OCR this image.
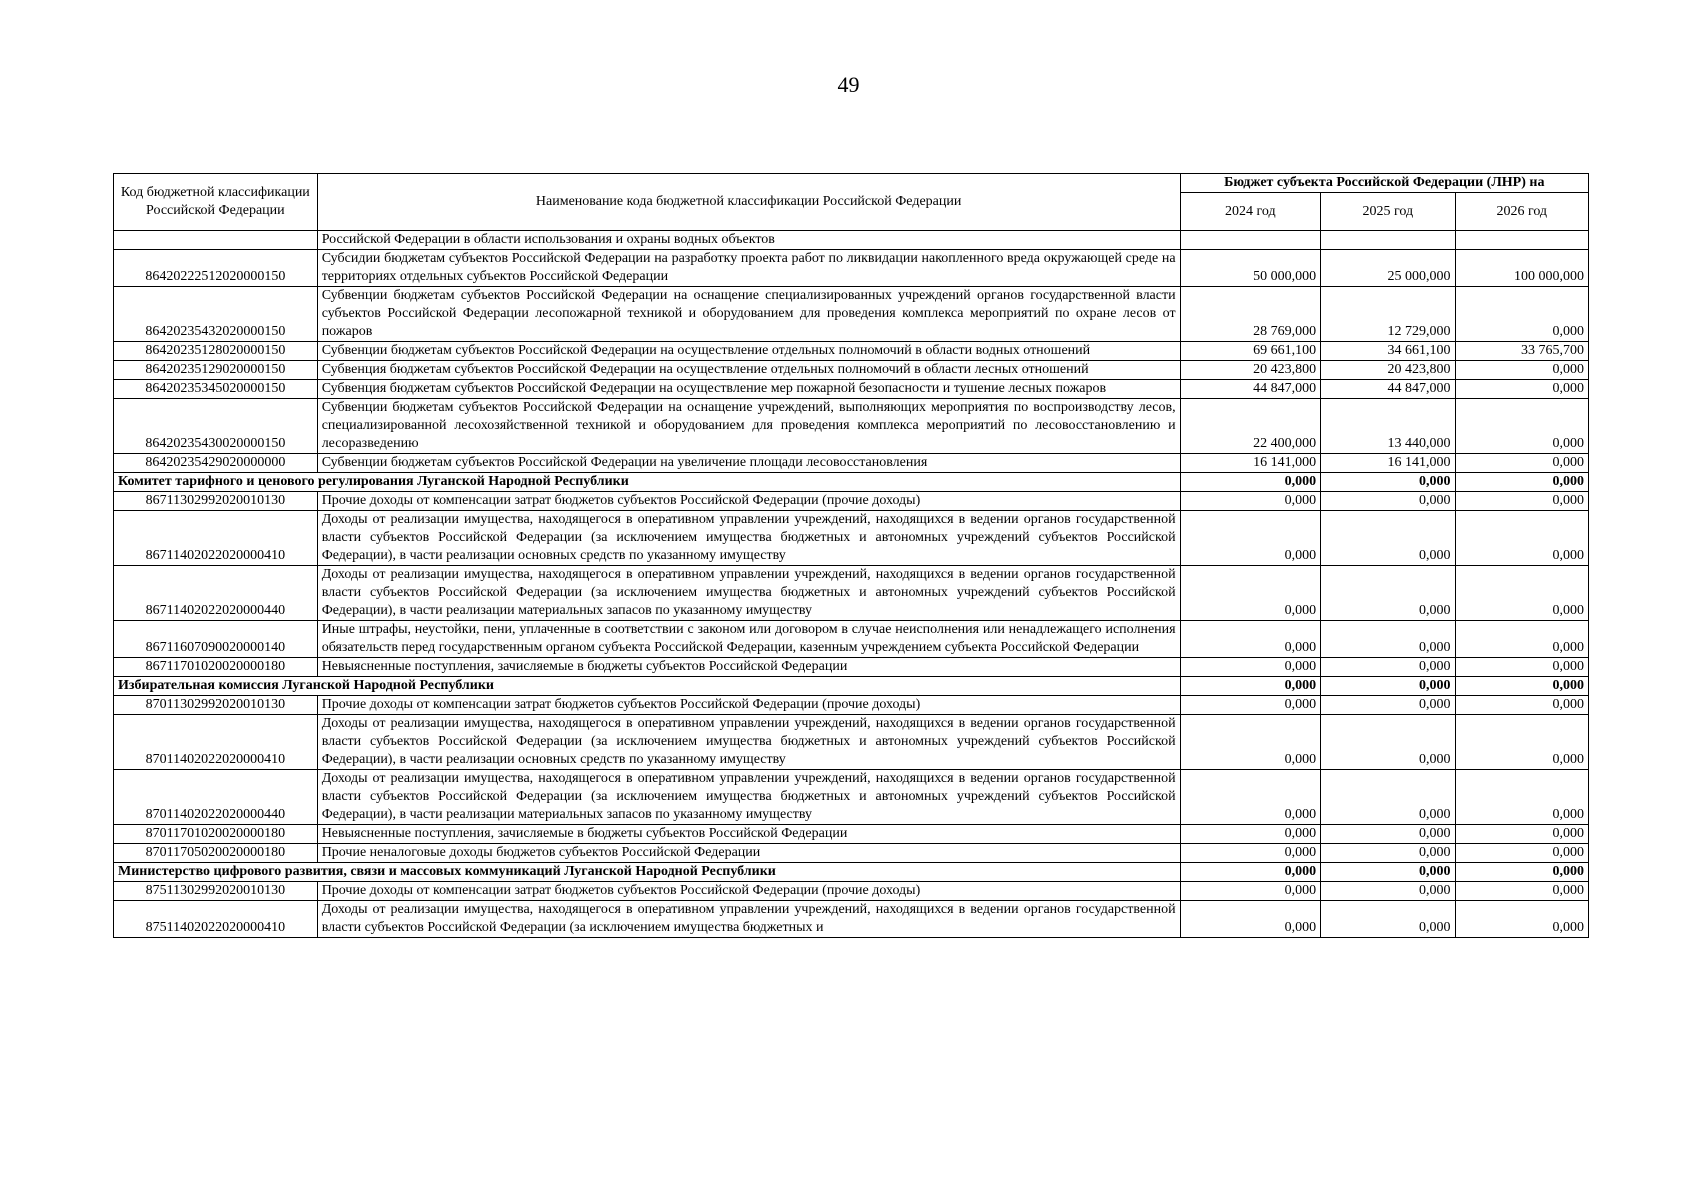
49
Код бюджетной классификации Российской Федерации	Наименование кода бюджетной классификации Российской Федерации	Бюджет субъекта Российской Федерации (ЛНР) на		
		2024 год	2025 год	2026 год
	Российской Федерации в области использования и охраны водных объектов			
86420222512020000150	Субсидии бюджетам субъектов Российской Федерации на разработку проекта работ по ликвидации накопленного вреда окружающей среде на территориях отдельных субъектов Российской Федерации	50 000,000	25 000,000	100 000,000
86420235432020000150	Субвенции бюджетам субъектов Российской Федерации на оснащение специализированных учреждений органов государственной власти субъектов Российской Федерации лесопожарной техникой и оборудованием для проведения комплекса мероприятий по охране лесов от пожаров	28 769,000	12 729,000	0,000
86420235128020000150	Субвенции бюджетам субъектов Российской Федерации на осуществление отдельных полномочий в области водных отношений	69 661,100	34 661,100	33 765,700
86420235129020000150	Субвенция бюджетам субъектов Российской Федерации на осуществление отдельных полномочий в области лесных отношений	20 423,800	20 423,800	0,000
86420235345020000150	Субвенция бюджетам субъектов Российской Федерации на осуществление мер пожарной безопасности и тушение лесных пожаров	44 847,000	44 847,000	0,000
86420235430020000150	Субвенции бюджетам субъектов Российской Федерации на оснащение учреждений, выполняющих мероприятия по воспроизводству лесов, специализированной лесохозяйственной техникой и оборудованием для проведения комплекса мероприятий по лесовосстановлению и лесоразведению	22 400,000	13 440,000	0,000
86420235429020000000	Субвенции бюджетам субъектов Российской Федерации на увеличение площади лесовосстановления	16 141,000	16 141,000	0,000
Комитет тарифного и ценового регулирования Луганской Народной Республики		0,000	0,000	0,000
86711302992020010130	Прочие доходы от компенсации затрат бюджетов субъектов Российской Федерации (прочие доходы)	0,000	0,000	0,000
86711402022020000410	Доходы от реализации имущества, находящегося в оперативном управлении учреждений, находящихся в ведении органов государственной власти субъектов Российской Федерации (за исключением имущества бюджетных и автономных учреждений субъектов Российской Федерации), в части реализации основных средств по указанному имуществу	0,000	0,000	0,000
86711402022020000440	Доходы от реализации имущества, находящегося в оперативном управлении учреждений, находящихся в ведении органов государственной власти субъектов Российской Федерации (за исключением имущества бюджетных и автономных учреждений субъектов Российской Федерации), в части реализации материальных запасов по указанному имуществу	0,000	0,000	0,000
86711607090020000140	Иные штрафы, неустойки, пени, уплаченные в соответствии с законом или договором в случае неисполнения или ненадлежащего исполнения обязательств перед государственным органом субъекта Российской Федерации, казенным учреждением субъекта Российской Федерации	0,000	0,000	0,000
86711701020020000180	Невыясненные поступления, зачисляемые в бюджеты субъектов Российской Федерации	0,000	0,000	0,000
Избирательная комиссия Луганской Народной Республики		0,000	0,000	0,000
87011302992020010130	Прочие доходы от компенсации затрат бюджетов субъектов Российской Федерации (прочие доходы)	0,000	0,000	0,000
87011402022020000410	Доходы от реализации имущества, находящегося в оперативном управлении учреждений, находящихся в ведении органов государственной власти субъектов Российской Федерации (за исключением имущества бюджетных и автономных учреждений субъектов Российской Федерации), в части реализации основных средств по указанному имуществу	0,000	0,000	0,000
87011402022020000440	Доходы от реализации имущества, находящегося в оперативном управлении учреждений, находящихся в ведении органов государственной власти субъектов Российской Федерации (за исключением имущества бюджетных и автономных учреждений субъектов Российской Федерации), в части реализации материальных запасов по указанному имуществу	0,000	0,000	0,000
87011701020020000180	Невыясненные поступления, зачисляемые в бюджеты субъектов Российской Федерации	0,000	0,000	0,000
87011705020020000180	Прочие неналоговые доходы бюджетов субъектов Российской Федерации	0,000	0,000	0,000
Министерство цифрового развития, связи и массовых коммуникаций Луганской Народной Республики		0,000	0,000	0,000
87511302992020010130	Прочие доходы от компенсации затрат бюджетов субъектов Российской Федерации (прочие доходы)	0,000	0,000	0,000
87511402022020000410	Доходы от реализации имущества, находящегося в оперативном управлении учреждений, находящихся в ведении органов государственной власти субъектов Российской Федерации (за исключением имущества бюджетных и	0,000	0,000	0,000
